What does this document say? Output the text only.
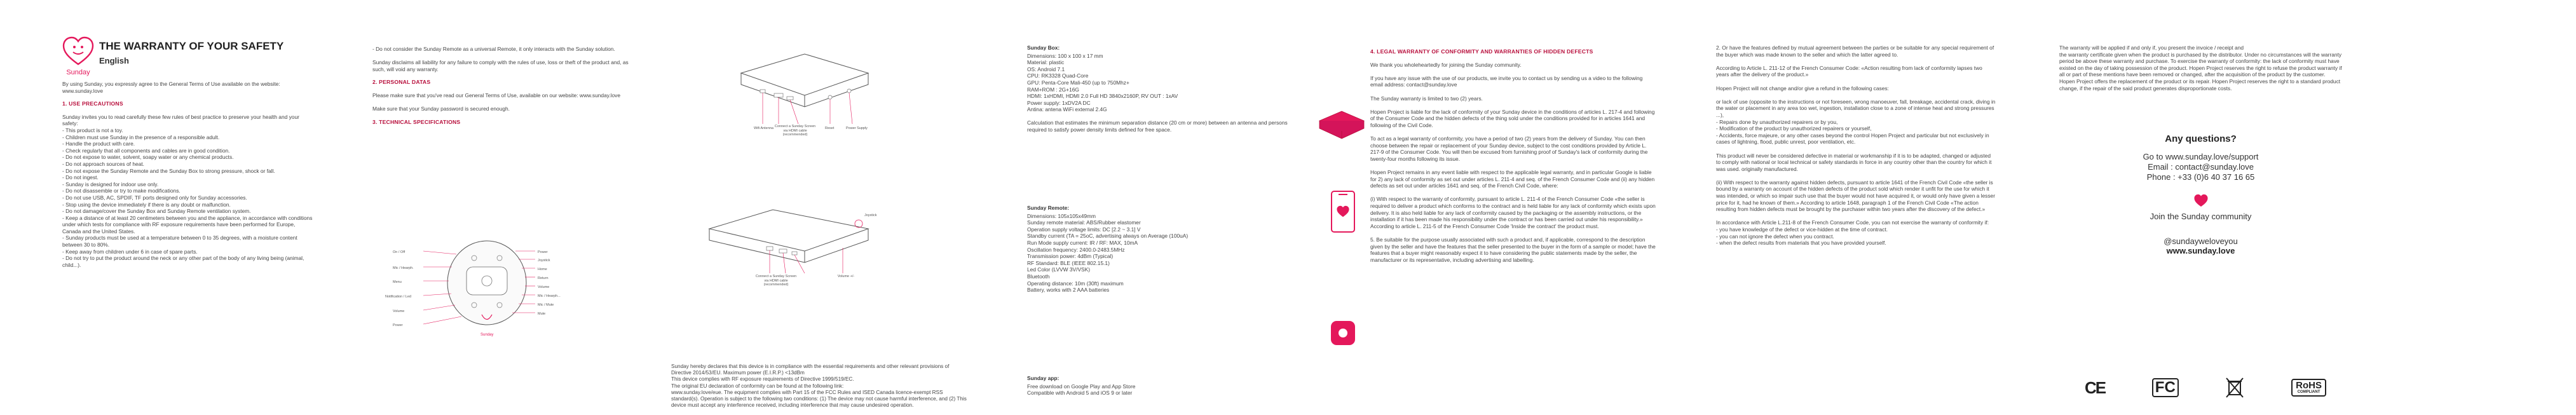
Sunday
THE WARRANTY OF YOUR SAFETY
English

By using Sunday, you expressly agree to the General Terms of Use available on the website: www.sunday.love

1. USE PRECAUTIONS

Sunday invites you to read carefully these few rules of best practice to preserve your health and your safety:
- This product is not a toy.
- Children must use Sunday in the presence of a responsible adult.
- Handle the product with care.
- Check regularly that all components and cables are in good condition.
- Do not expose to water, solvent, soapy water or any chemical products.
- Do not approach sources of heat.
- Do not expose the Sunday Remote and the Sunday Box to strong pressure, shock or fall.
- Do not ingest.
- Sunday is designed for indoor use only.
- Do not disassemble or try to make modifications.
- Do not use USB, AC, SPDIF, TF ports designed only for Sunday accessories.
- Stop using the device immediately if there is any doubt or malfunction.
- Do not damage/cover the Sunday Box and Sunday Remote ventilation system.
- Keep a distance of at least 20 centimeters between you and the appliance, in accordance with conditions under which tests for compliance with RF exposure requirements have been performed for Europe, Canada and the United States.
- Sunday products must be used at a temperature between 0 to 35 degrees, with a moisture content between 30 to 80%.
- Keep away from children under 6 in case of spare parts.
- Do not try to put the product around the neck or any other part of the body of any living being (animal, child...).

- Do not consider the Sunday Remote as a universal Remote, it only interacts with the Sunday solution.

Sunday disclaims all liability for any failure to comply with the rules of use, loss or theft of the product and, as such, will void any warranty.

2. PERSONAL DATAS

Please make sure that you've read our General Terms of Use, available on our website: www.sunday.love

Make sure that your Sunday password is secured enough.

3. TECHNICAL SPECIFICATIONS
Power
Joystick
Home
Return
Volume
Mic / Hearph...
Mic / Mute
Mute
On / Off
Mic / Hearph.
Menu
Notification / Led
Volume
Power
Sunday
Wifi Antenna Connect a Sunday Screen via HDMI cable (recommended)
Reset	Power Supply
Connect a Sunday Screen via HDMI cable (recommended)
Joystick
Volume +/-

Sunday hereby declares that this device is in compliance with the essential requirements and other relevant provisions of Directive 2014/53/EU. Maximum power (E.I.R.P.) <13dBm
This device complies with RF exposure requirements of Directive 1999/519/EC.
The original EU declaration of conformity can be found at the following link:
www.sunday.love/eue. The equipment complies with Part 15 of the FCC Rules and ISED Canada licence-exempt RSS standard(s). Operation is subject to the following two conditions: (1) The device may not cause harmful interference, and (2) This device must accept any interference received, including interference that may cause undesired operation.

Sunday Box:

Dimensions: 100 x 100 x 17 mm
Material: plastic
OS: Android 7.1
CPU: RK3328 Quad-Core
GPU: Penta-Core Mali-450 (up to 750Mhz+
RAM+ROM : 2G+16G
HDMI: 1xHDMI, HDMI 2.0 Full HD 3840x2160P, RV OUT : 1xAV
Power supply: 1xDV2A DC
Antina: antena WiFi external 2.4G

Calculation that estimates the minimum separation distance (20 cm or more) between an antenna and persons required to satisfy power density limits defined for free space.

Sunday Remote:

Dimensions: 105x105x49mm
Sunday remote material: ABS/Rubber elastomer
Operation supply voltage limits: DC [2.2 ~ 3.1] V
Standby current (TA = 25oC, advertising always on Average (100uA)
Run Mode supply current: IR / RF: MAX, 10mA
Oscillation frequency: 2400.0-2483.5MHz
Transmission power: 4dBm (Typical)
RF Standard: BLE (IEEE 802.15.1)
Led Color (LVVW 3V/VSK)
Bluetooth
Operating distance: 10m (30ft) maximum
Battery, works with 2 AAA batteries

Sunday app:

Free download on Google Play and App Store
Compatible with Android 5 and iOS 9 or later

4. LEGAL WARRANTY OF CONFORMITY AND WARRANTIES OF HIDDEN DEFECTS

We thank you wholeheartedly for joining the Sunday community.

If you have any issue with the use of our products, we invite you to contact us by sending us a video to the following email address: contact@sunday.love

The Sunday warranty is limited to two (2) years.

Hopen Project is liable for the lack of conformity of your Sunday device in the conditions of articles L. 217-4 and following of the Consumer Code and the hidden defects of the thing sold under the conditions provided for in articles 1641 and following of the Civil Code.

To act as a legal warranty of conformity, you have a period of two (2) years from the delivery of Sunday. You can then choose between the repair or replacement of your Sunday device, subject to the cost conditions provided by Article L. 217-9 of the Consumer Code. You will then be excused from furnishing proof of Sunday's lack of conformity during the twenty-four months following its issue.

Hopen Project remains in any event liable with respect to the applicable legal warranty, and in particular Google is liable for 2) any lack of conformity as set out under articles L. 211-4 and seq. of the French Consumer Code and (ii) any hidden defects as set out under articles 1641 and seq. of the French Civil Code, where:

(i) With respect to the warranty of conformity, pursuant to article L. 211-4 of the French Consumer Code «the seller is required to deliver a product which conforms to the contract and is held liable for any lack of conformity which exists upon delivery. It is also held liable for any lack of conformity caused by the packaging or the assembly instructions, or the installation if it has been made his responsibility under the contract or has been carried out under his responsibility.» According to article L. 211-5 of the French Consumer Code 'Inside the contract' the product must.

5. Be suitable for the purpose usually associated with such a product and, if applicable, correspond to the description given by the seller and have the features that the seller presented to the buyer in the form of a sample or model; have the features that a buyer might reasonably expect it to have considering the public statements made by the seller, the manufacturer or its representative, including advertising and labelling.

2. Or have the features defined by mutual agreement between the parties or be suitable for any special requirement of the buyer which was made known to the seller and which the latter agreed to.

According to Article L. 211-12 of the French Consumer Code: «Action resulting from lack of conformity lapses two years after the delivery of the product.»

Hopen Project will not change and/or give a refund in the following cases:

or lack of use (opposite to the instructions or not foreseen, wrong manoeuver, fall, breakage, accidental crack, diving in the water or placement in any area too wet, ingestion, installation close to a zone of intense heat and strong pressures ...),
- Repairs done by unauthorized repairers or by you,
- Modification of the product by unauthorized repairers or yourself,
- Accidents, force majeure, or any other cases beyond the control Hopen Project and particular but not exclusively in cases of lightning, flood, public unrest, poor ventilation, etc.

This product will never be considered defective in material or workmanship if it is to be adapted, changed or adjusted to comply with national or local technical or safety standards in force in any country other than the country for which it was used. originally manufactured.

(ii) With respect to the warranty against hidden defects, pursuant to article 1641 of the French Civil Code «the seller is bound by a warranty on account of the hidden defects of the product sold which render it unfit for the use for which it was intended, or which so impair such use that the buyer would not have acquired it, or would only have given a lesser price for it, had he known of them.» According to article 1648, paragraph 1 of the French Civil Code «The action resulting from hidden defects must be brought by the purchaser within two years after the discovery of the defect.»

In accordance with Article L.211-8 of the French Consumer Code, you can not exercise the warranty of conformity if:
- you have knowledge of the defect or vice-hidden at the time of contract.
- you can not ignore the defect when you contract.
- when the defect results from materials that you have provided yourself.

The warranty will be applied if and only if, you present the invoice / receipt and
the warranty certificate given when the product is purchased by the distributor. Under no circumstances will the warranty period be above these warranty and purchase. To exercise the warranty of conformity: the lack of conformity must have existed on the day of taking possession of the product. Hopen Project reserves the right to refuse the product warranty if all or part of these mentions have been removed or changed, after the acquisition of the product by the customer.
Hopen Project offers the replacement of the product or its repair. Hopen Project reserves the right to a standard product change, if the repair of the said product generates disproportionate costs.

Any questions?
Go to www.sunday.love/support
Email : contact@sunday.love
Phone : +33 (0)6 40 37 16 65
Join the Sunday community
@sundayweloveyou
www.sunday.love
CE	FC	RoHS
COMPLIANT
